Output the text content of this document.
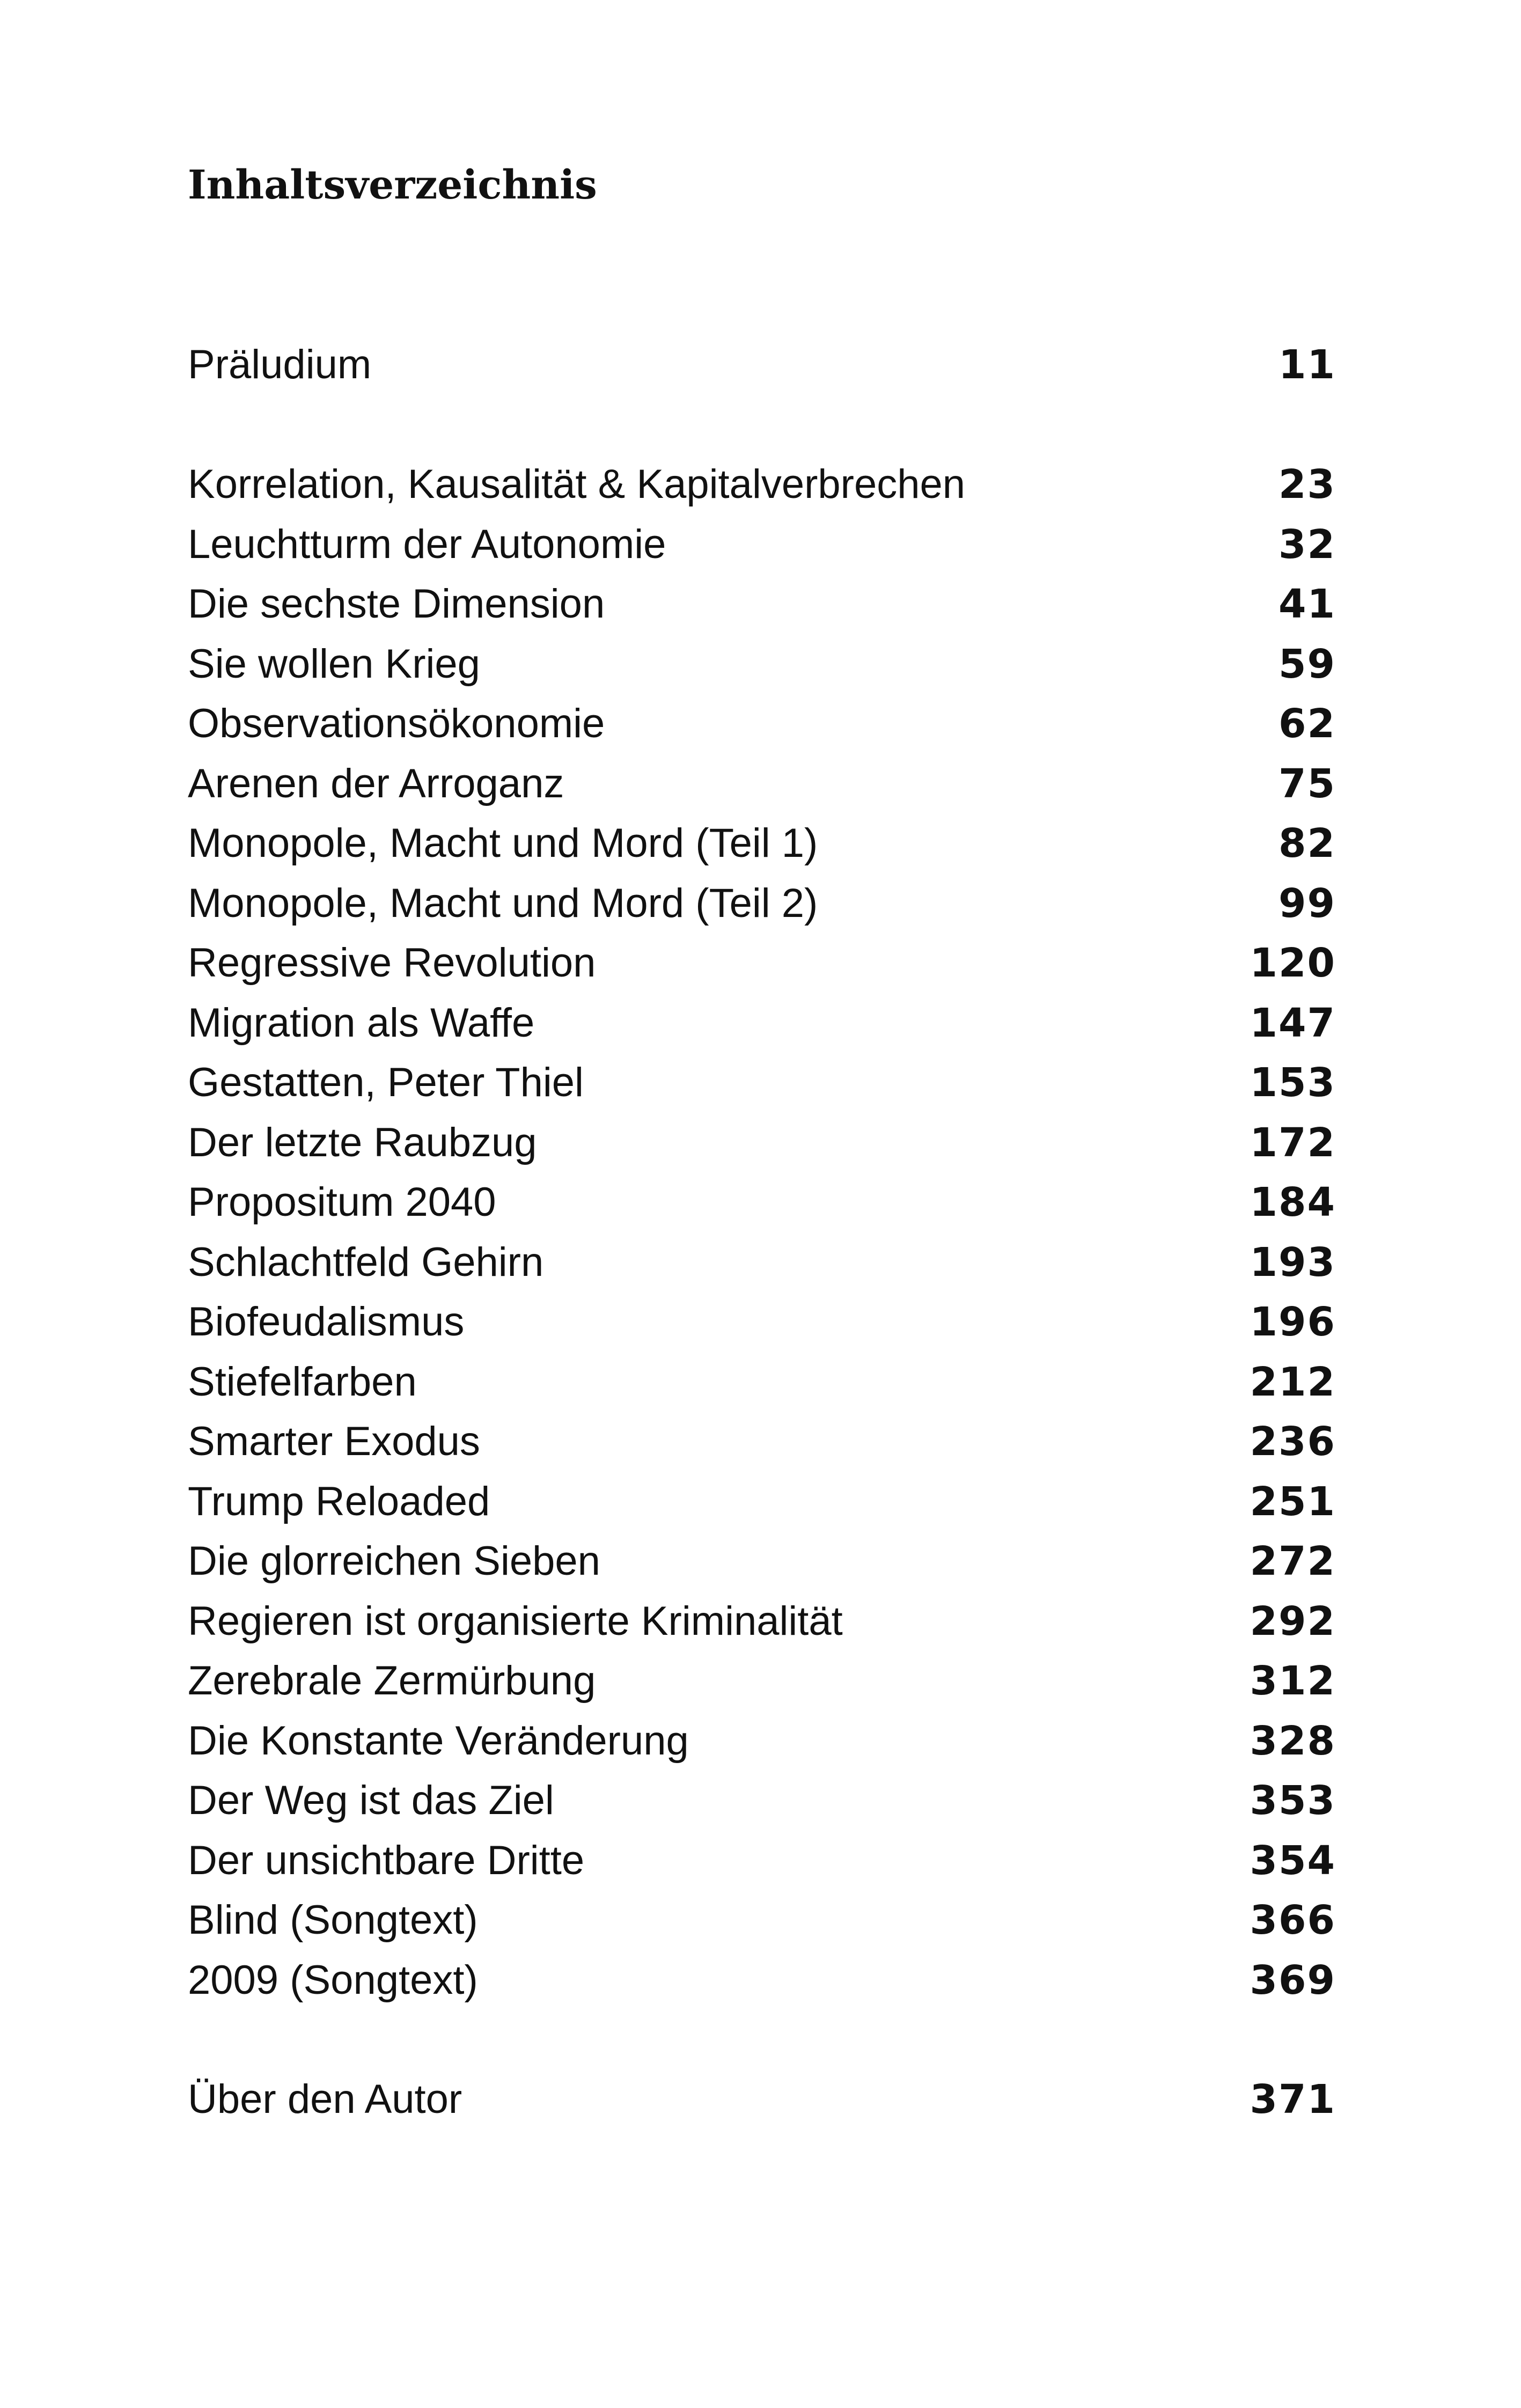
Inhaltsverzeichnis
Präludium	11
Korrelation, Kausalität & Kapitalverbrechen	23
Leuchtturm der Autonomie	32
Die sechste Dimension	41
Sie wollen Krieg	59
Observationsökonomie	62
Arenen der Arroganz	75
Monopole, Macht und Mord (Teil 1)	82
Monopole, Macht und Mord (Teil 2)	99
Regressive Revolution	120
Migration als Waffe	147
Gestatten, Peter Thiel	153
Der letzte Raubzug	172
Propositum 2040	184
Schlachtfeld Gehirn	193
Biofeudalismus	196
Stiefelfarben	212
Smarter Exodus	236
Trump Reloaded	251
Die glorreichen Sieben	272
Regieren ist organisierte Kriminalität	292
Zerebrale Zermürbung	312
Die Konstante Veränderung	328
Der Weg ist das Ziel	353
Der unsichtbare Dritte	354
Blind (Songtext)	366
2009 (Songtext)	369
Über den Autor	371
